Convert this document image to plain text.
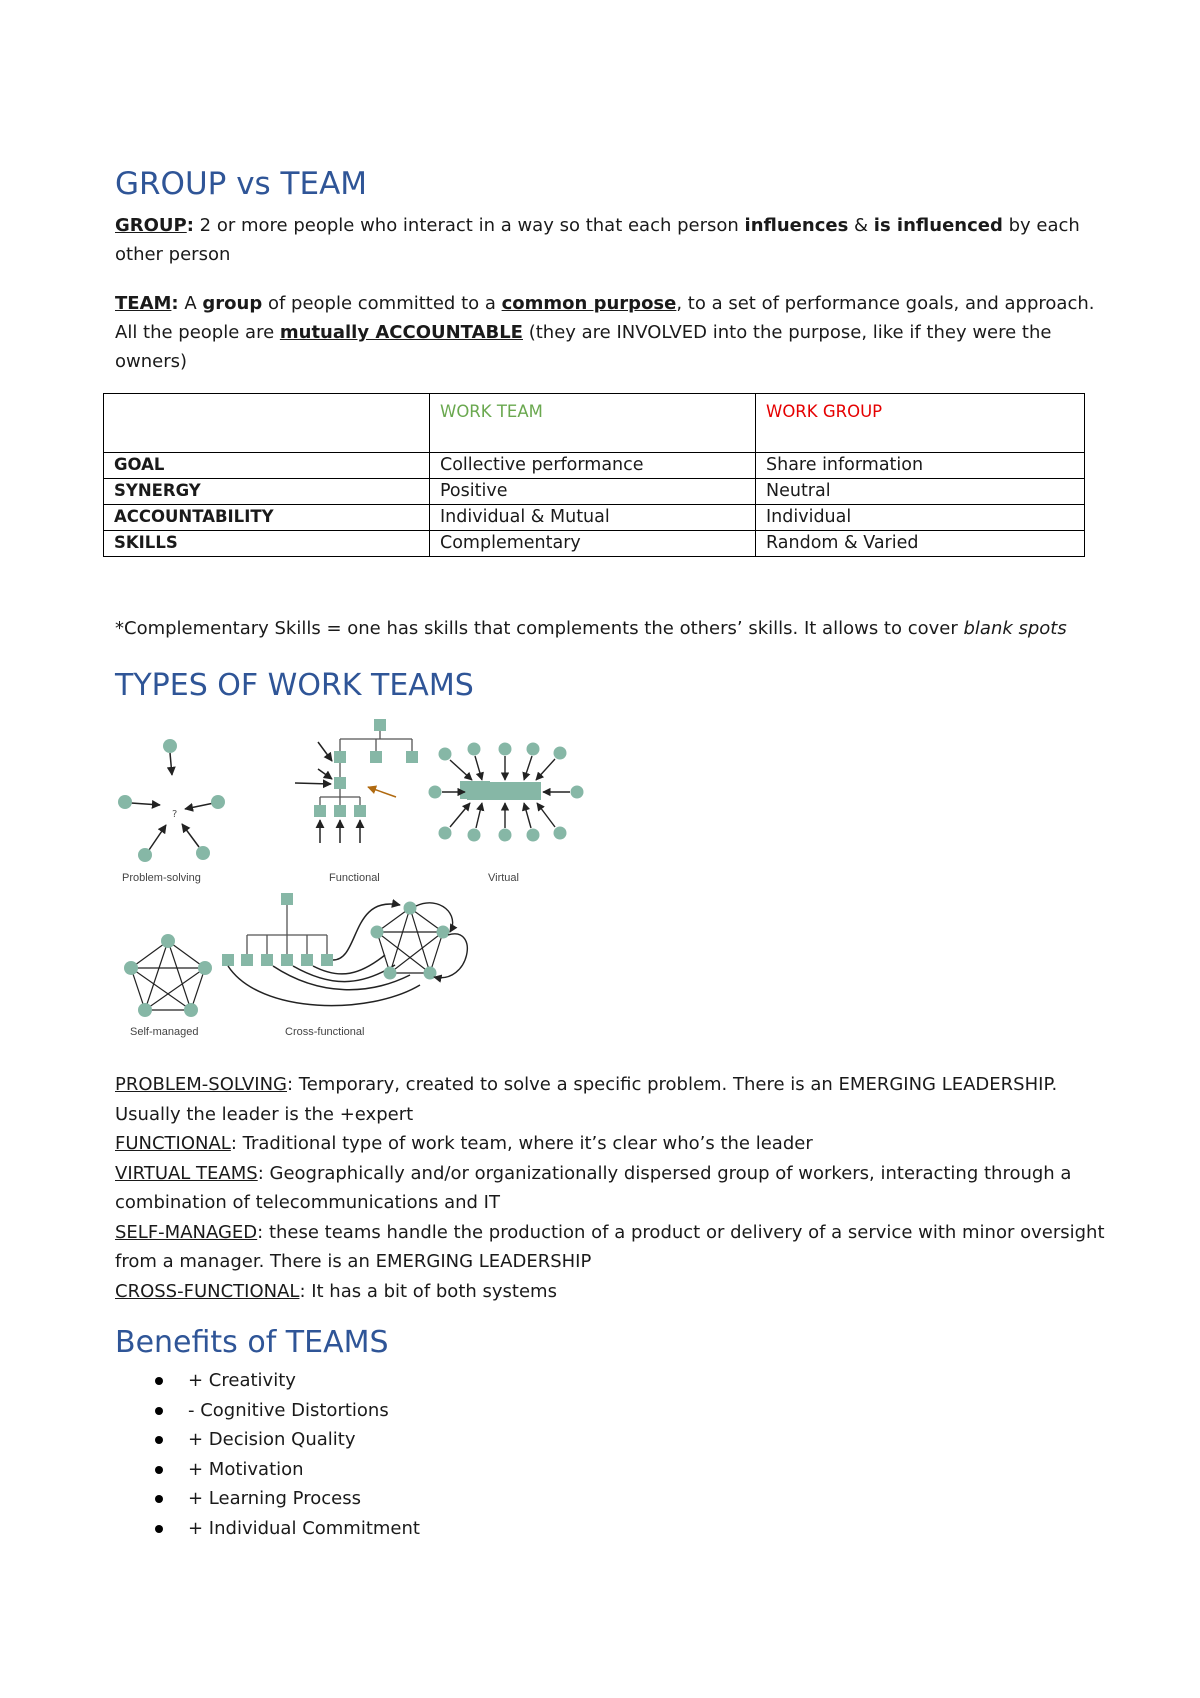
GROUP vs TEAM
GROUP: 2 or more people who interact in a way so that each person influences & is influenced by each other person
TEAM: A group of people committed to a common purpose, to a set of performance goals, and approach. All the people are mutually ACCOUNTABLE (they are INVOLVED into the purpose, like if they were the owners)
	WORK TEAM	WORK GROUP
GOAL	Collective performance	Share information
SYNERGY	Positive	Neutral
ACCOUNTABILITY	Individual & Mutual	Individual
SKILLS	Complementary	Random & Varied
*Complementary Skills = one has skills that complements the others’ skills. It allows to cover blank spots
TYPES OF WORK TEAMS
?
Problem-solving	Functional	Virtual
Self-managed	Cross-functional
PROBLEM-SOLVING: Temporary, created to solve a specific problem. There is an EMERGING LEADERSHIP. Usually the leader is the +expert
FUNCTIONAL: Traditional type of work team, where it’s clear who’s the leader
VIRTUAL TEAMS: Geographically and/or organizationally dispersed group of workers, interacting through a combination of telecommunications and IT
SELF-MANAGED: these teams handle the production of a product or delivery of a service with minor oversight from a manager. There is an EMERGING LEADERSHIP
CROSS-FUNCTIONAL: It has a bit of both systems
Benefits of TEAMS
+ Creativity
- Cognitive Distortions
+ Decision Quality
+ Motivation
+ Learning Process
+ Individual Commitment
